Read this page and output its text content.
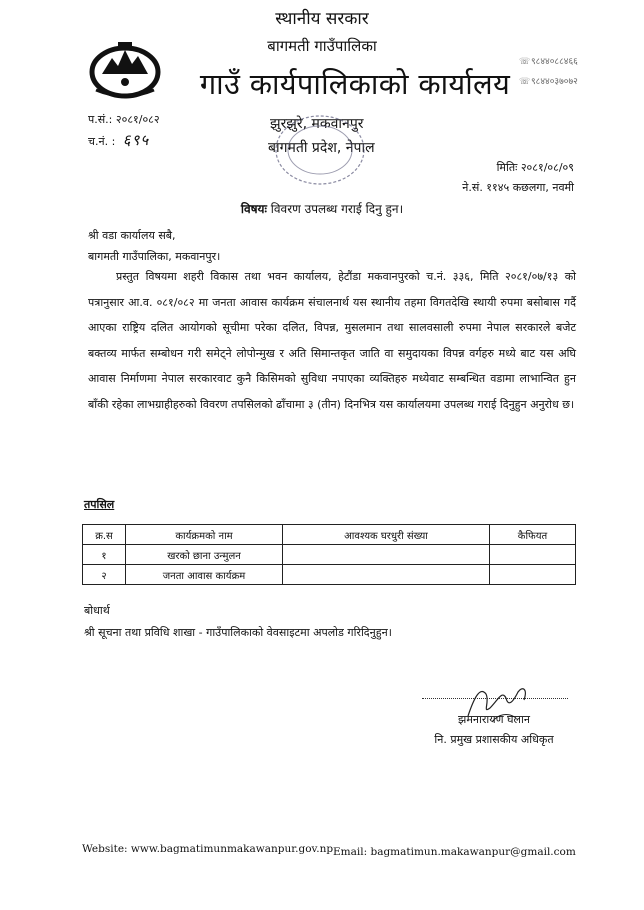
स्थानीय सरकार
बागमती गाउँपालिका
गाउँ कार्यपालिकाको कार्यालय
झुरझुरे, मकवानपुर
बागमती प्रदेश, नेपाल
☏९८४४०८८४६६
☏९८४४०३७०७२
प.सं.: २०८१/०८२
च.नं. : ६९५
मितिः २०८१/०८/०९
ने.सं. ११४५ कछलगा, नवमी
विषयः विवरण उपलब्ध गराई दिनु हुन।
श्री वडा कार्यालय सबै,
बागमती गाउँपालिका, मकवानपुर।
प्रस्तुत विषयमा शहरी विकास तथा भवन कार्यालय, हेटौंडा मकवानपुरको च.नं. ३३६, मिति २०८१/०७/१३ को पत्रानुसार आ.व. ०८१/०८२ मा जनता आवास कार्यक्रम संचालनार्थ यस स्थानीय तहमा विगतदेखि स्थायी रुपमा बसोबास गर्दै आएका राष्ट्रिय दलित आयोगको सूचीमा परेका दलित, विपन्न, मुसलमान तथा सालवसाली रुपमा नेपाल सरकारले बजेट बक्तव्य मार्फत सम्बोधन गरी समेट्ने लोपोन्मुख र अति सिमान्तकृत जाति वा समुदायका विपन्न वर्गहरु मध्ये बाट यस अघि आवास निर्माणमा नेपाल सरकारवाट कुनै किसिमको सुविधा नपाएका व्यक्तिहरु मध्येवाट सम्बन्धित वडामा लाभान्वित हुन बाँकी रहेका लाभग्राहीहरुको विवरण तपसिलको ढाँचामा ३ (तीन) दिनभित्र यस कार्यालयमा उपलब्ध गराई दिनुहुन अनुरोध छ।
तपसिल
क्र.स	कार्यक्रमको नाम	आवश्यक घरधुरी संख्या	कैफियत
१	खरको छाना उन्मुलन		
२	जनता आवास कार्यक्रम		
बोधार्थ
श्री सूचना तथा प्रविधि शाखा - गाउँपालिकाको वेवसाइटमा अपलोड गरिदिनुहुन।
झमनारायण घलान
नि. प्रमुख प्रशासकीय अधिकृत
Website: www.bagmatimunmakawanpur.gov.np Email: bagmatimun.makawanpur@gmail.com
